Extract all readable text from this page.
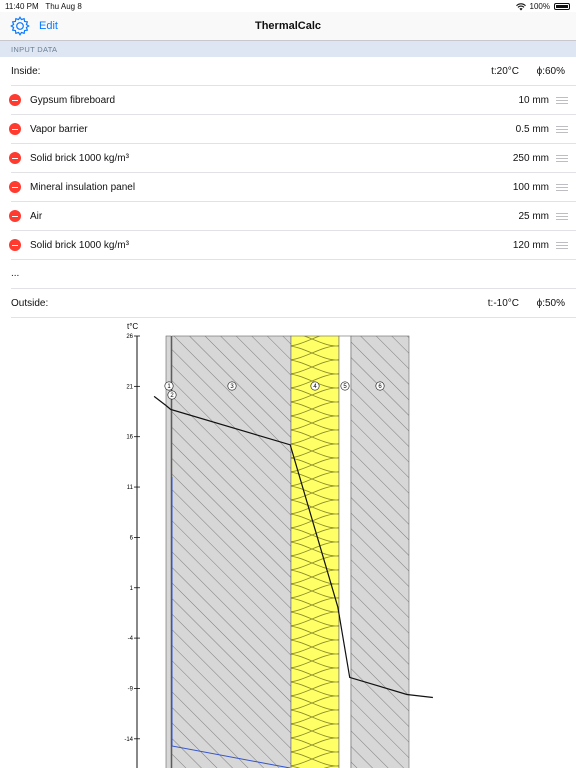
11:40 PM Thu Aug 8	100%
Edit	ThermalCalc
INPUT DATA
Inside:	t:20°C ϕ:60%
Gypsum fibreboard	10 mm
Vapor barrier	0.5 mm
Solid brick 1000 kg/m³	250 mm
Mineral insulation panel	100 mm
Air	25 mm
Solid brick 1000 kg/m³	120 mm
...
Outside:	t:-10°C ϕ:50%
t°C
26
21
16
11
6
1
-4
-9
-14
1
2
3	4	5	6
